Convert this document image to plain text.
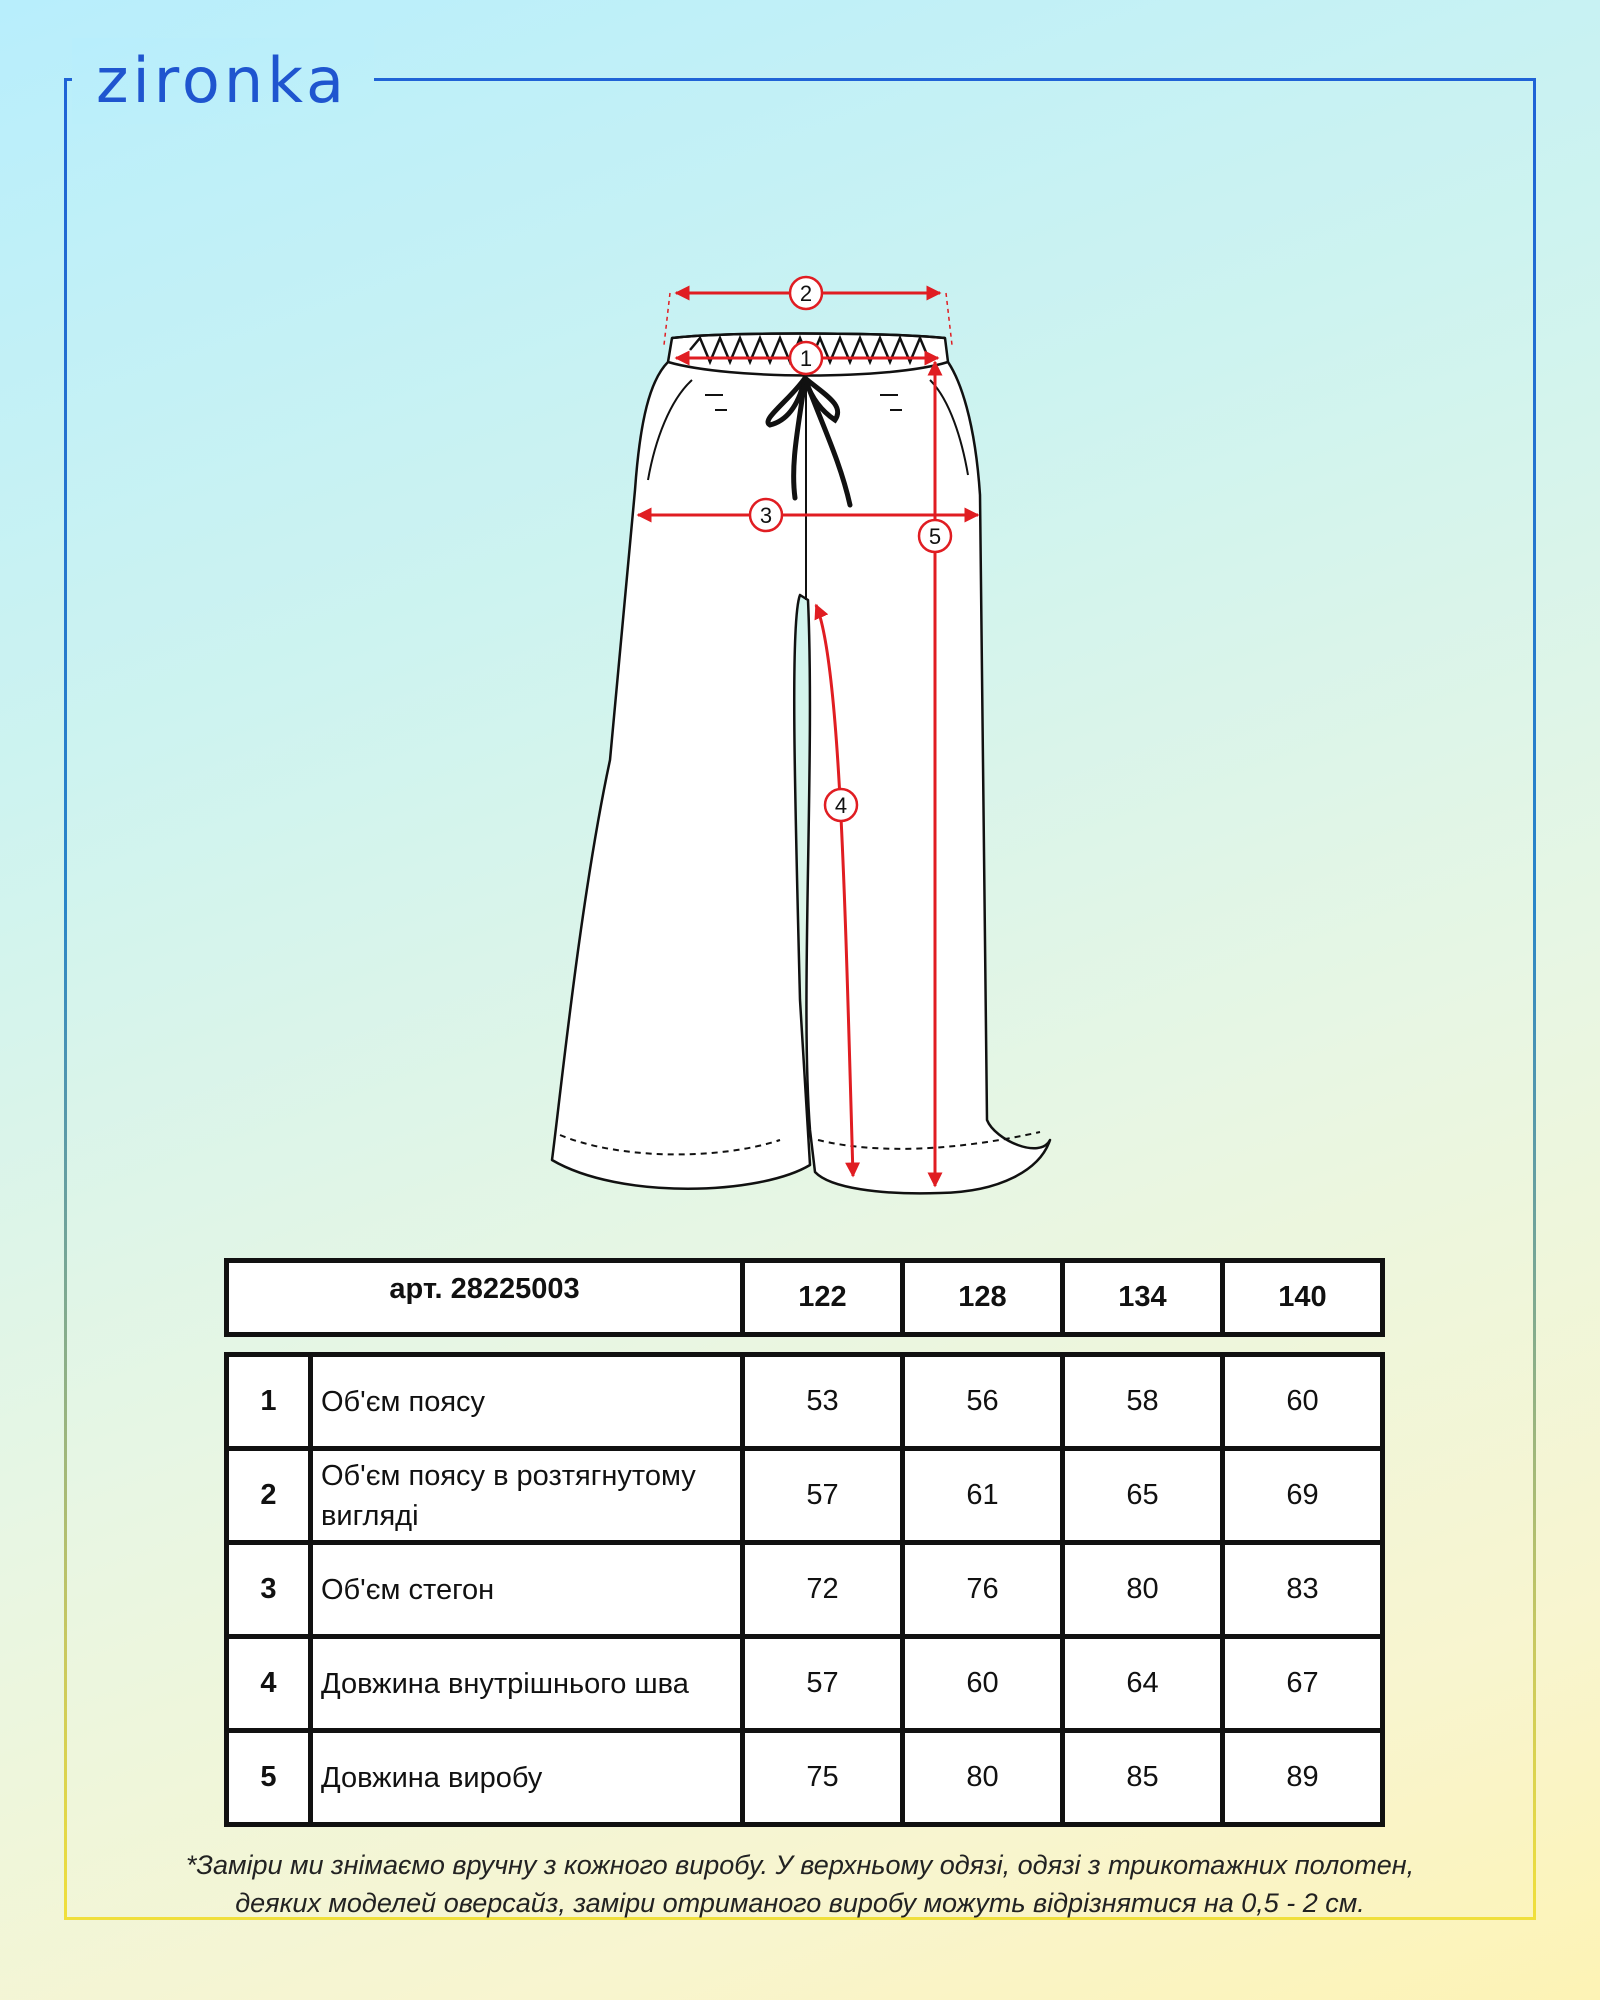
zironka
2
1
3
5
4
арт. 28225003	122	128	134	140
1	Об'єм поясу	53	56	58	60
2	Об'єм поясу в розтягнутому вигляді	57	61	65	69
3	Об'єм стегон	72	76	80	83
4	Довжина внутрішнього шва	57	60	64	67
5	Довжина виробу	75	80	85	89
*Заміри ми знімаємо вручну з кожного виробу. У верхньому одязі, одязі з трикотажних полотен,
деяких моделей оверсайз, заміри отриманого виробу можуть відрізнятися на 0,5 - 2 см.
